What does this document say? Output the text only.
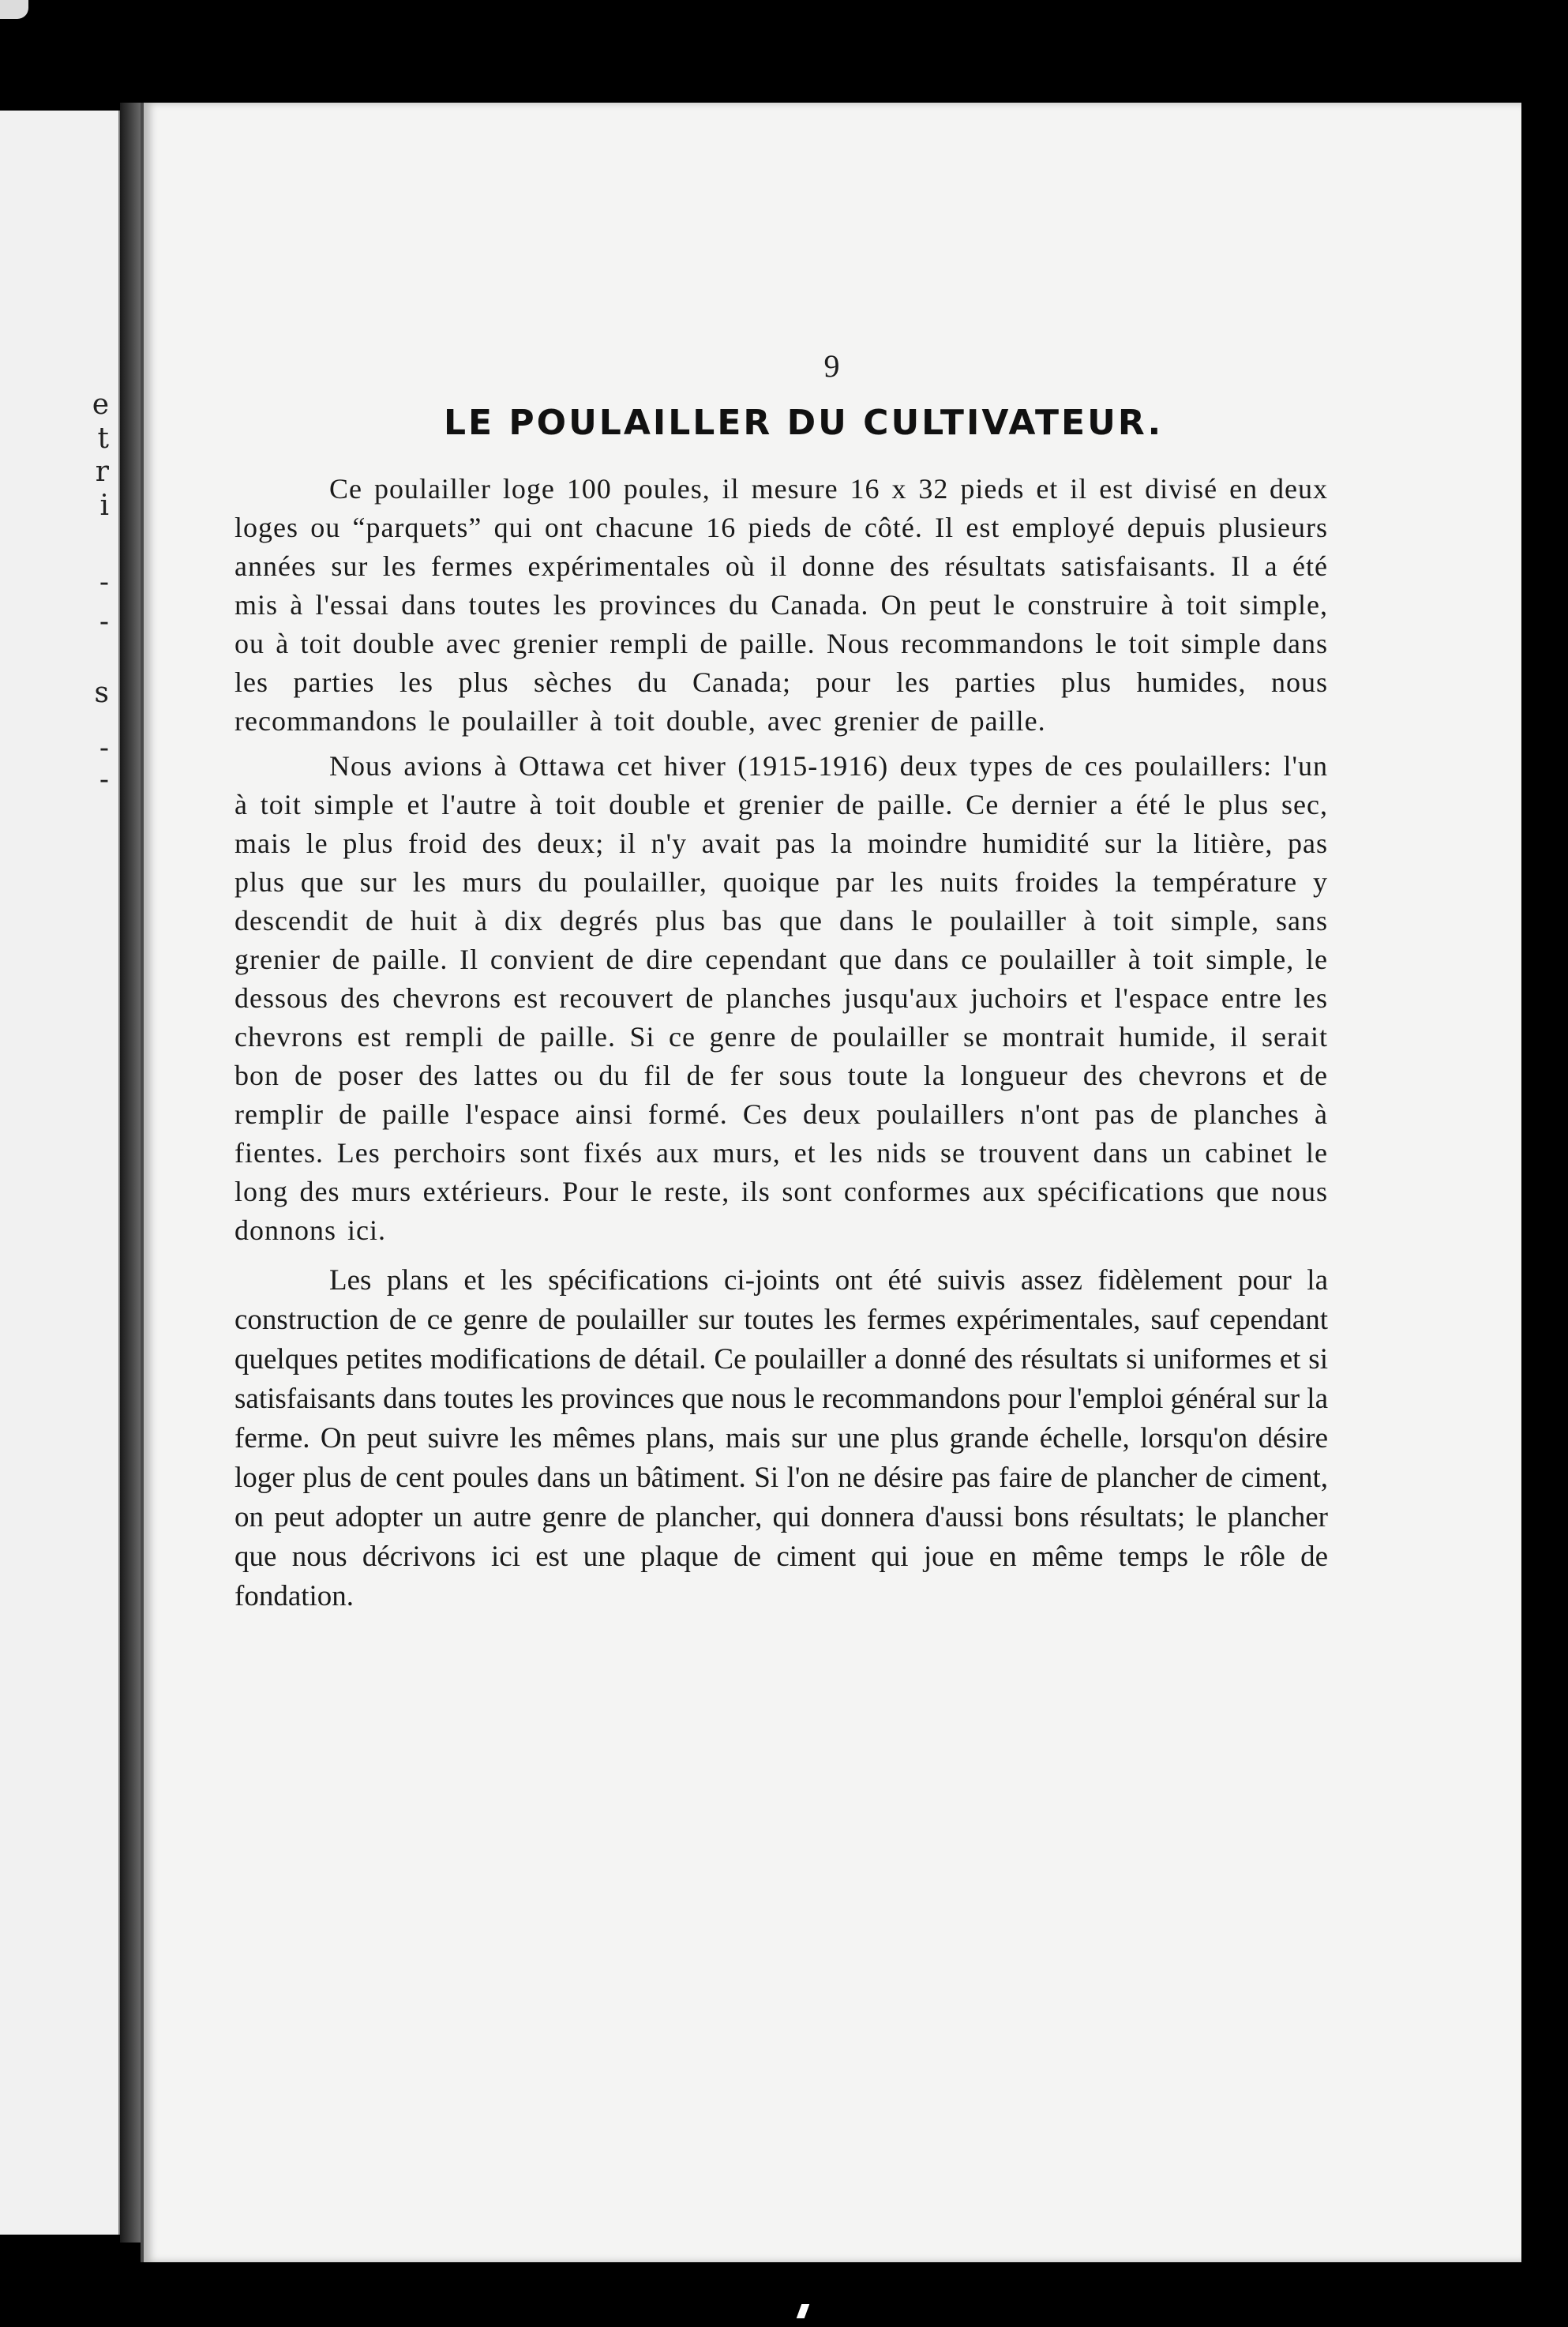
e
t
r
i
-
-
s
-
-
9
LE POULAILLER DU CULTIVATEUR.

Ce poulailler loge 100 poules, il mesure 16 x 32 pieds et il est divisé en deux loges ou “parquets” qui ont chacune 16 pieds de côté. Il est employé depuis plusieurs années sur les fermes expérimentales où il donne des résultats satisfaisants. Il a été mis à l'essai dans toutes les provinces du Canada. On peut le construire à toit simple, ou à toit double avec grenier rempli de paille. Nous recommandons le toit simple dans les parties les plus sèches du Canada; pour les parties plus humides, nous recommandons le poulailler à toit double, avec grenier de paille.

Nous avions à Ottawa cet hiver (1915-1916) deux types de ces poulaillers: l'un à toit simple et l'autre à toit double et grenier de paille. Ce dernier a été le plus sec, mais le plus froid des deux; il n'y avait pas la moindre humidité sur la litière, pas plus que sur les murs du poulailler, quoique par les nuits froides la température y descendit de huit à dix degrés plus bas que dans le poulailler à toit simple, sans grenier de paille. Il convient de dire cependant que dans ce poulailler à toit simple, le dessous des chevrons est recouvert de planches jusqu'aux juchoirs et l'espace entre les chevrons est rempli de paille. Si ce genre de poulailler se montrait humide, il serait bon de poser des lattes ou du fil de fer sous toute la longueur des chevrons et de remplir de paille l'espace ainsi formé. Ces deux poulaillers n'ont pas de planches à fientes. Les perchoirs sont fixés aux murs, et les nids se trouvent dans un cabinet le long des murs extérieurs. Pour le reste, ils sont conformes aux spécifications que nous donnons ici.

Les plans et les spécifications ci-joints ont été suivis assez fidèlement pour la construction de ce genre de poulailler sur toutes les fermes expérimentales, sauf cependant quelques petites modifications de détail. Ce poulailler a donné des résultats si uniformes et si satisfaisants dans toutes les provinces que nous le recommandons pour l'emploi général sur la ferme. On peut suivre les mêmes plans, mais sur une plus grande échelle, lorsqu'on désire loger plus de cent poules dans un bâtiment. Si l'on ne désire pas faire de plancher de ciment, on peut adopter un autre genre de plancher, qui donnera d'aussi bons résultats; le plancher que nous décrivons ici est une plaque de ciment qui joue en même temps le rôle de fondation.
